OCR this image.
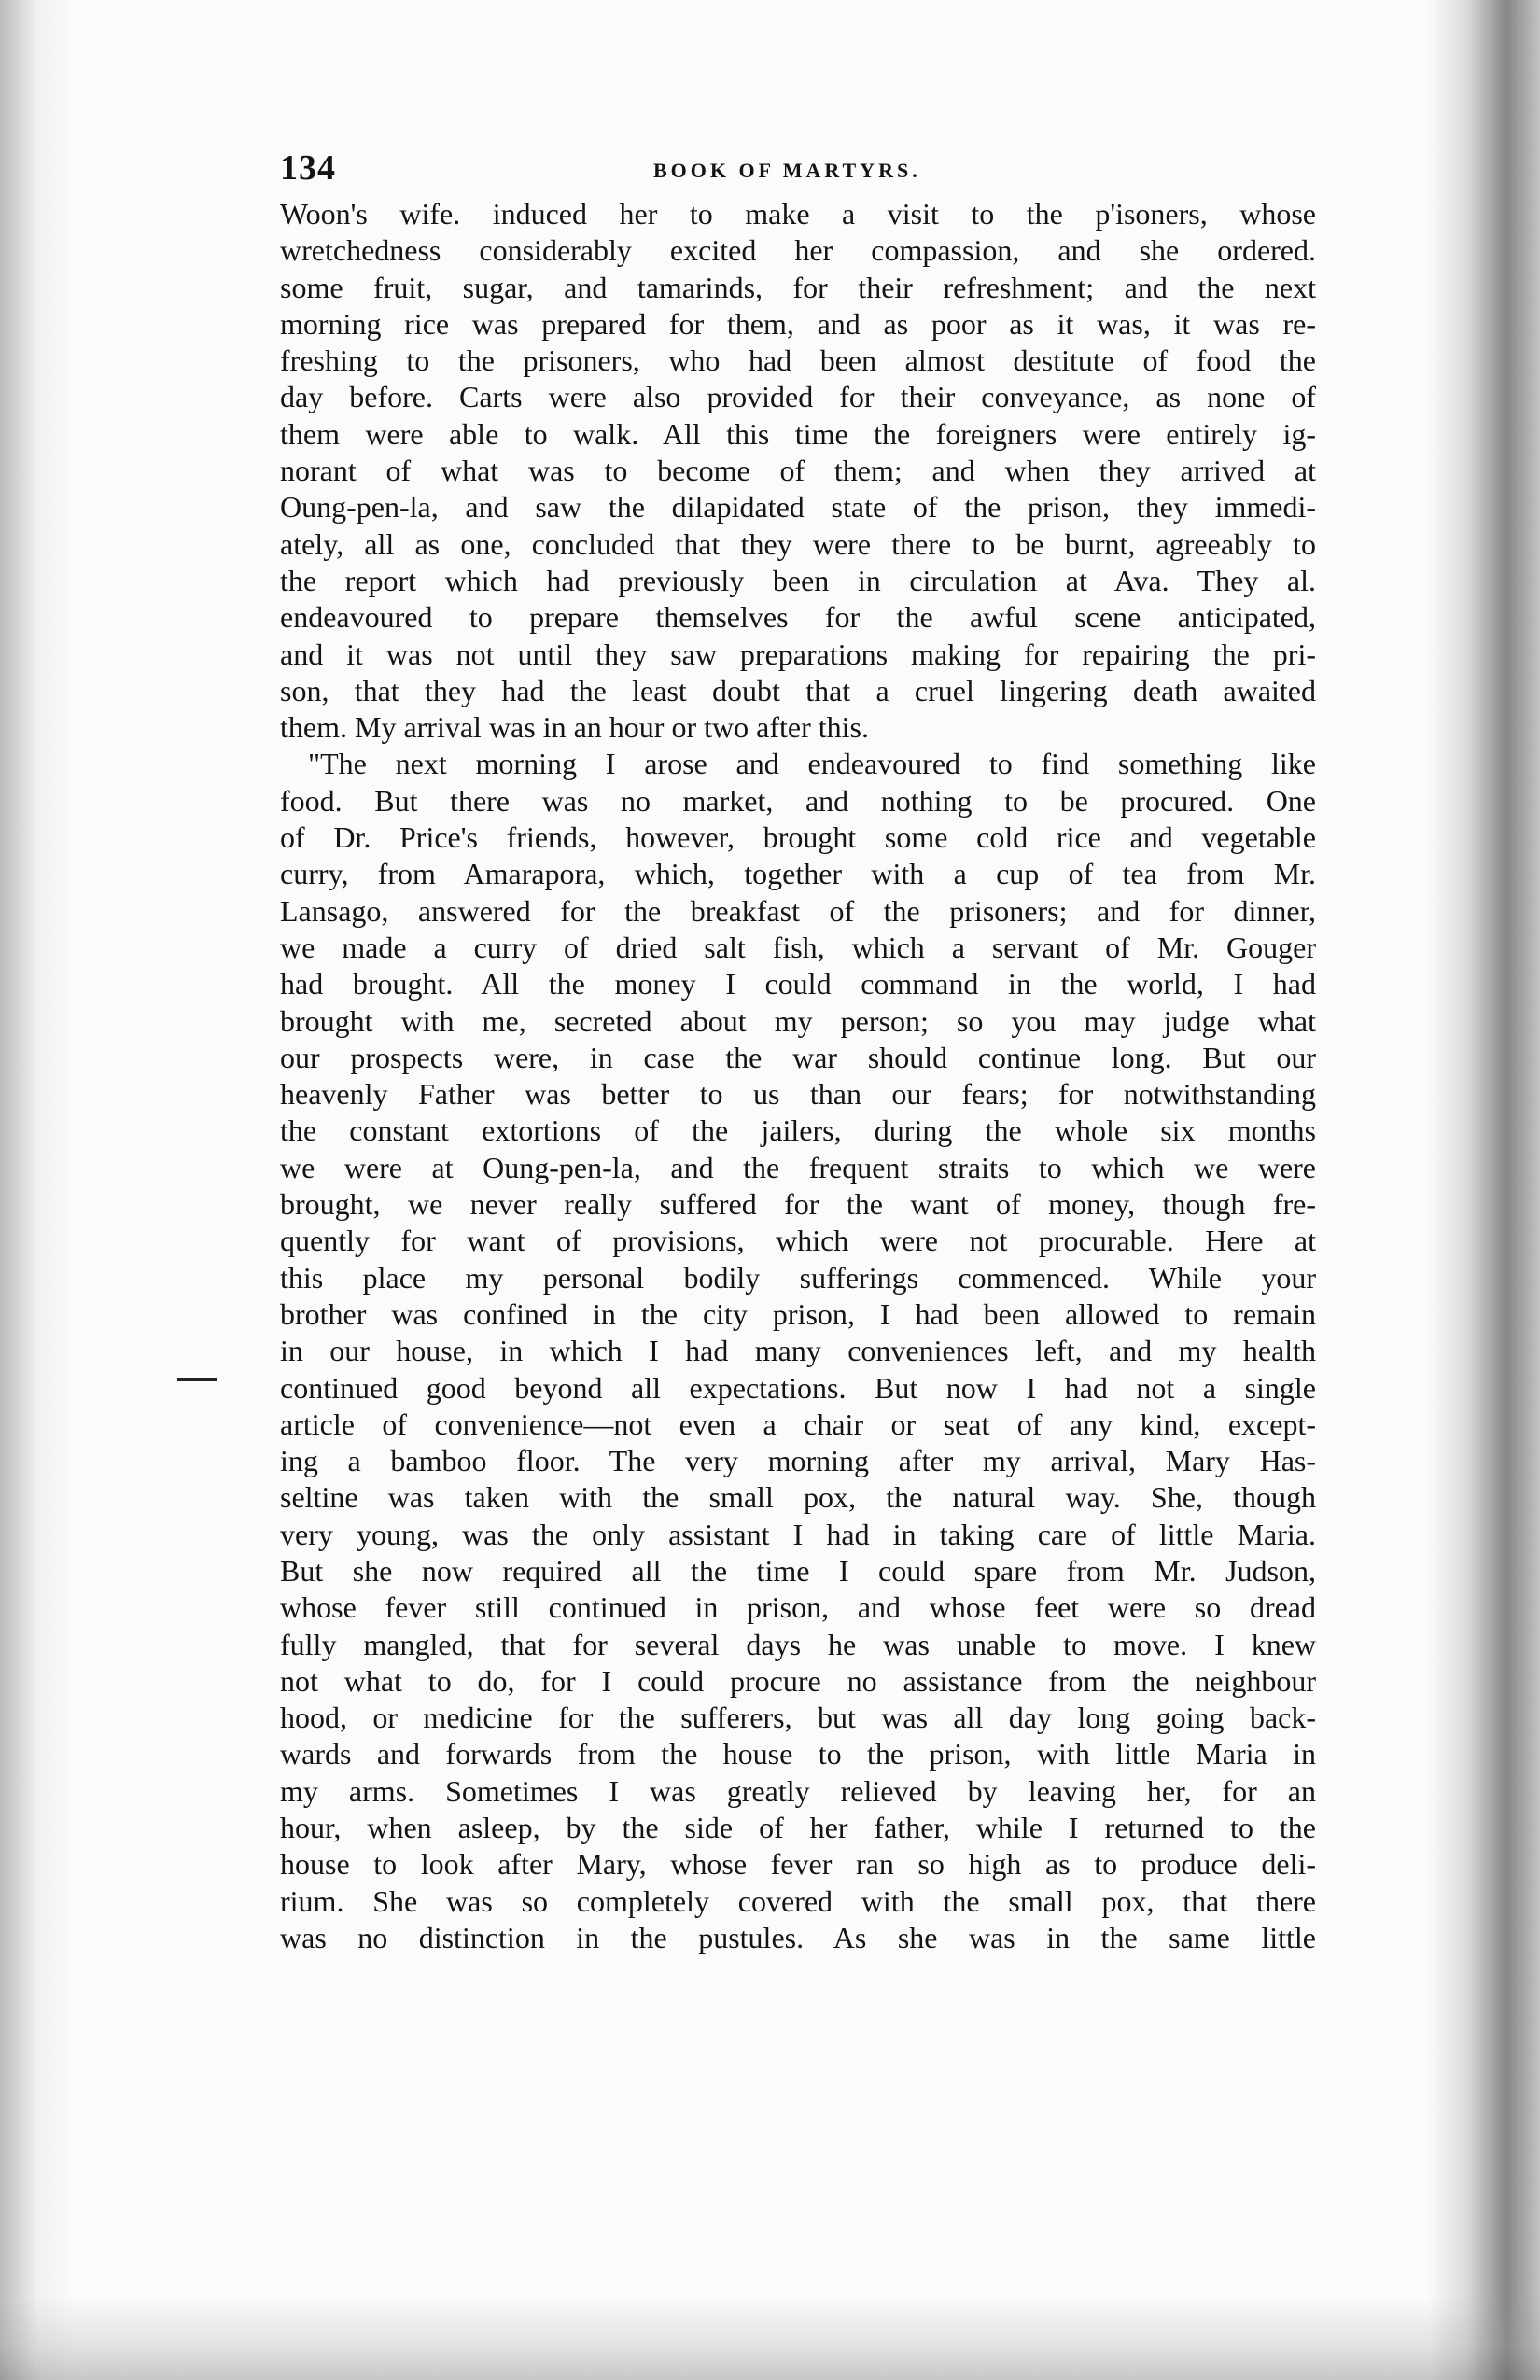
134	BOOK OF MARTYRS.
Woon's wife. induced her to make a visit to the p'isoners, whose
wretchedness considerably excited her compassion, and she ordered.
some fruit, sugar, and tamarinds, for their refreshment; and the next
morning rice was prepared for them, and as poor as it was, it was re-
freshing to the prisoners, who had been almost destitute of food the
day before. Carts were also provided for their conveyance, as none of
them were able to walk. All this time the foreigners were entirely ig-
norant of what was to become of them; and when they arrived at
Oung-pen-la, and saw the dilapidated state of the prison, they immedi-
ately, all as one, concluded that they were there to be burnt, agreeably to
the report which had previously been in circulation at Ava. They al.
endeavoured to prepare themselves for the awful scene anticipated,
and it was not until they saw preparations making for repairing the pri-
son, that they had the least doubt that a cruel lingering death awaited
them. My arrival was in an hour or two after this.
"The next morning I arose and endeavoured to find something like
food. But there was no market, and nothing to be procured. One
of Dr. Price's friends, however, brought some cold rice and vegetable
curry, from Amarapora, which, together with a cup of tea from Mr.
Lansago, answered for the breakfast of the prisoners; and for dinner,
we made a curry of dried salt fish, which a servant of Mr. Gouger
had brought. All the money I could command in the world, I had
brought with me, secreted about my person; so you may judge what
our prospects were, in case the war should continue long. But our
heavenly Father was better to us than our fears; for notwithstanding
the constant extortions of the jailers, during the whole six months
we were at Oung-pen-la, and the frequent straits to which we were
brought, we never really suffered for the want of money, though fre-
quently for want of provisions, which were not procurable. Here at
this place my personal bodily sufferings commenced. While your
brother was confined in the city prison, I had been allowed to remain
in our house, in which I had many conveniences left, and my health
continued good beyond all expectations. But now I had not a single
article of convenience—not even a chair or seat of any kind, except-
ing a bamboo floor. The very morning after my arrival, Mary Has-
seltine was taken with the small pox, the natural way. She, though
very young, was the only assistant I had in taking care of little Maria.
But she now required all the time I could spare from Mr. Judson,
whose fever still continued in prison, and whose feet were so dread
fully mangled, that for several days he was unable to move. I knew
not what to do, for I could procure no assistance from the neighbour
hood, or medicine for the sufferers, but was all day long going back-
wards and forwards from the house to the prison, with little Maria in
my arms. Sometimes I was greatly relieved by leaving her, for an
hour, when asleep, by the side of her father, while I returned to the
house to look after Mary, whose fever ran so high as to produce deli-
rium. She was so completely covered with the small pox, that there
was no distinction in the pustules. As she was in the same little
